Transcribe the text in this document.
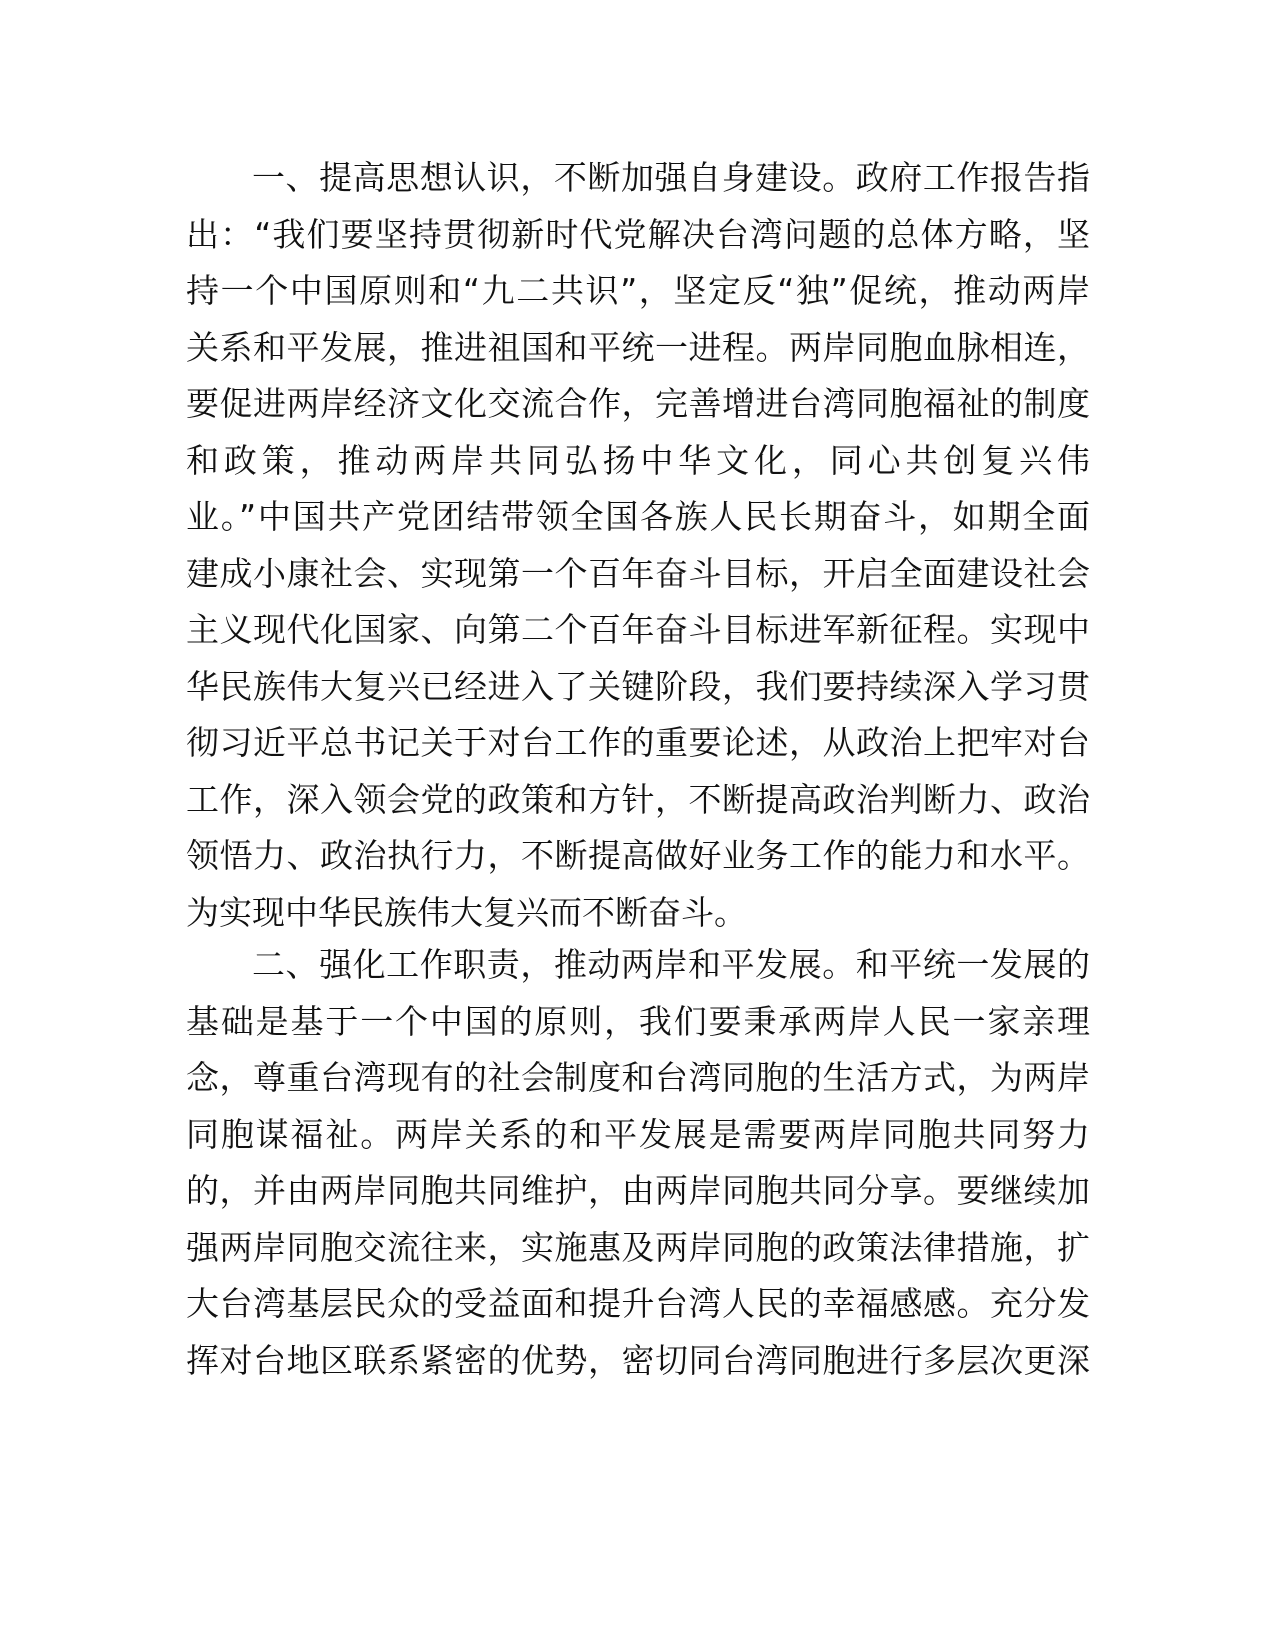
一、提高思想认识，不断加强自身建设。政府工作报告指
出：“我们要坚持贯彻新时代党解决台湾问题的总体方略，坚
持一个中国原则和“九二共识”，坚定反“独”促统，推动两岸
关系和平发展，推进祖国和平统一进程。两岸同胞血脉相连，
要促进两岸经济文化交流合作，完善增进台湾同胞福祉的制度
和政策，推动两岸共同弘扬中华文化，同心共创复兴伟
业。”中国共产党团结带领全国各族人民长期奋斗，如期全面
建成小康社会、实现第一个百年奋斗目标，开启全面建设社会
主义现代化国家、向第二个百年奋斗目标进军新征程。实现中
华民族伟大复兴已经进入了关键阶段，我们要持续深入学习贯
彻习近平总书记关于对台工作的重要论述，从政治上把牢对台
工作，深入领会党的政策和方针，不断提高政治判断力、政治
领悟力、政治执行力，不断提高做好业务工作的能力和水平。
为实现中华民族伟大复兴而不断奋斗。
二、强化工作职责，推动两岸和平发展。和平统一发展的
基础是基于一个中国的原则，我们要秉承两岸人民一家亲理
念，尊重台湾现有的社会制度和台湾同胞的生活方式，为两岸
同胞谋福祉。两岸关系的和平发展是需要两岸同胞共同努力
的，并由两岸同胞共同维护，由两岸同胞共同分享。要继续加
强两岸同胞交流往来，实施惠及两岸同胞的政策法律措施，扩
大台湾基层民众的受益面和提升台湾人民的幸福感感。充分发
挥对台地区联系紧密的优势，密切同台湾同胞进行多层次更深
